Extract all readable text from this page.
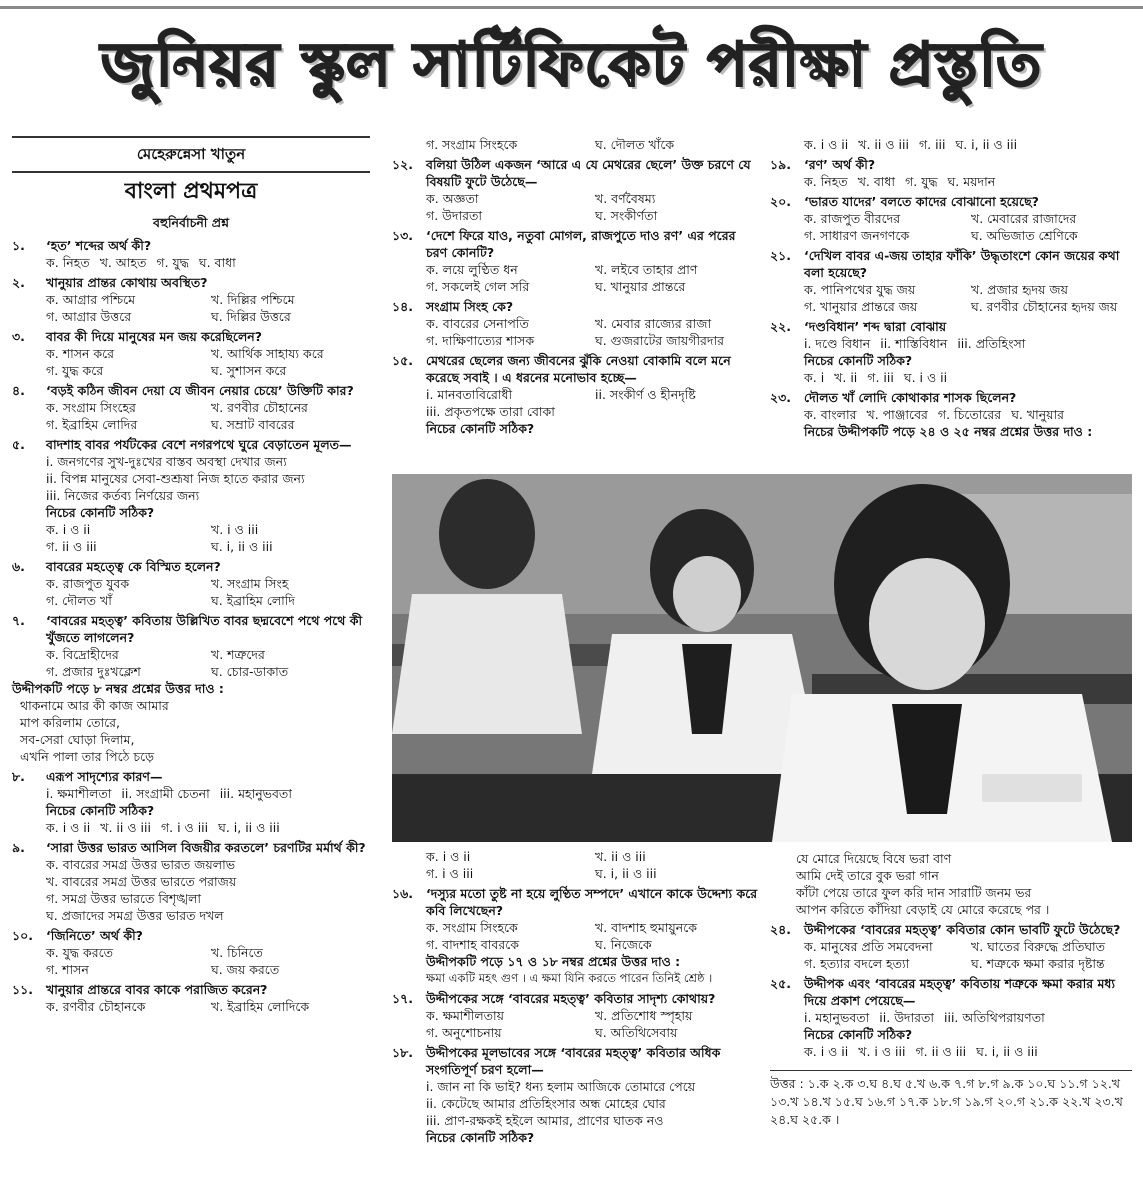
জুনিয়র স্কুল সার্টিফিকেট পরীক্ষা প্রস্তুতি
মেহেরুন্নেসা খাতুন
বাংলা প্রথমপত্র
বহুনির্বাচনী প্রশ্ন
১.	‘হত’ শব্দের অর্থ কী?
ক. নিহত খ. আহত গ. যুদ্ধ ঘ. বাধা
২.	খানুয়ার প্রান্তর কোথায় অবস্থিত?
ক. আগ্রার পশ্চিমে	খ. দিল্লির পশ্চিমে
গ. আগ্রার উত্তরে	ঘ. দিল্লির উত্তরে
৩.	বাবর কী দিয়ে মানুষের মন জয় করেছিলেন?
ক. শাসন করে	খ. আর্থিক সাহায্য করে
গ. যুদ্ধ করে	ঘ. সুশাসন করে
৪.	‘বড়ই কঠিন জীবন দেয়া যে জীবন নেয়ার চেয়ে’ উক্তিটি কার?
ক. সংগ্রাম সিংহের	খ. রণবীর চৌহানের
গ. ইব্রাহিম লোদির	ঘ. সম্রাট বাবরের
৫.	বাদশাহ বাবর পর্যটকের বেশে নগরপথে ঘুরে বেড়াতেন মূলত—
i. জনগণের সুখ-দুঃখের বাস্তব অবস্থা দেখার জন্য
ii. বিপন্ন মানুষের সেবা-শুশ্রূষা নিজ হাতে করার জন্য
iii. নিজের কর্তব্য নির্ণয়ের জন্য
নিচের কোনটি সঠিক?
ক. i ও ii	খ. i ও iii
গ. ii ও iii	ঘ. i, ii ও iii
৬.	বাবরের মহত্ত্বে কে বিস্মিত হলেন?
ক. রাজপুত যুবক	খ. সংগ্রাম সিংহ
গ. দৌলত খাঁ	ঘ. ইব্রাহিম লোদি
৭.	‘বাবরের মহত্ত্ব’ কবিতায় উল্লিখিত বাবর ছদ্মবেশে পথে পথে কী খুঁজতে লাগলেন?
ক. বিদ্রোহীদের	খ. শত্রুদের
গ. প্রজার দুঃখক্লেশ	ঘ. চোর-ডাকাত
উদ্দীপকটি পড়ে ৮ নম্বর প্রশ্নের উত্তর দাও :
থাকনামে আর কী কাজ আমার
মাপ করিলাম তোরে,
সব-সেরা ঘোড়া দিলাম,
এখনি পালা তার পিঠে চড়ে
৮.	এরূপ সাদৃশ্যের কারণ—
i. ক্ষমাশীলতা ii. সংগ্রামী চেতনা iii. মহানুভবতা
নিচের কোনটি সঠিক?
ক. i ও ii খ. ii ও iii গ. i ও iii ঘ. i, ii ও iii
৯.	‘সারা উত্তর ভারত আসিল বিজয়ীর করতলে’ চরণটির মর্মার্থ কী?
ক. বাবরের সমগ্র উত্তর ভারত জয়লাভ
খ. বাবরের সমগ্র উত্তর ভারতে পরাজয়
গ. সমগ্র উত্তর ভারতে বিশৃঙ্খলা
ঘ. প্রজাদের সমগ্র উত্তর ভারত দখল
১০.	‘জিনিতে’ অর্থ কী?
ক. যুদ্ধ করতে	খ. চিনিতে
গ. শাসন	ঘ. জয় করতে
১১.	খানুয়ার প্রান্তরে বাবর কাকে পরাজিত করেন?
ক. রণবীর চৌহানকে	খ. ইব্রাহিম লোদিকে
গ. সংগ্রাম সিংহকে	ঘ. দৌলত খাঁকে
১২.	বলিয়া উঠিল একজন ‘আরে এ যে মেথরের ছেলে’ উক্ত চরণে যে বিষয়টি ফুটে উঠেছে—
ক. অজ্ঞতা	খ. বর্ণবৈষম্য
গ. উদারতা	ঘ. সংকীর্ণতা
১৩.	‘দেশে ফিরে যাও, নতুবা মোগল, রাজপুতে দাও রণ’ এর পরের চরণ কোনটি?
ক. লয়ে লুণ্ঠিত ধন	খ. লইবে তাহার প্রাণ
গ. সকলেই গেল সরি	ঘ. খানুয়ার প্রান্তরে
১৪.	সংগ্রাম সিংহ কে?
ক. বাবরের সেনাপতি	খ. মেবার রাজ্যের রাজা
গ. দাক্ষিণাত্যের শাসক	ঘ. গুজরাটের জায়গীরদার
১৫.	মেথরের ছেলের জন্য জীবনের ঝুঁকি নেওয়া বোকামি বলে মনে করেছে সবাই । এ ধরনের মনোভাব হচ্ছে—
i. মানবতাবিরোধী	ii. সংকীর্ণ ও হীনদৃষ্টি
iii. প্রকৃতপক্ষে তারা বোকা
নিচের কোনটি সঠিক?
ক. i ও ii খ. ii ও iii গ. iii ঘ. i, ii ও iii
১৯.	‘রণ’ অর্থ কী?
ক. নিহত খ. বাধা গ. যুদ্ধ ঘ. ময়দান
২০.	‘ভারত যাদের’ বলতে কাদের বোঝানো হয়েছে?
ক. রাজপুত বীরদের	খ. মেবারের রাজাদের
গ. সাধারণ জনগণকে	ঘ. অভিজাত শ্রেণিকে
২১.	‘দেখিল বাবর এ-জয় তাহার ফাঁকি’ উদ্ধৃতাংশে কোন জয়ের কথা বলা হয়েছে?
ক. পানিপথের যুদ্ধ জয়	খ. প্রজার হৃদয় জয়
গ. খানুয়ার প্রান্তরে জয়	ঘ. রণবীর চৌহানের হৃদয় জয়
২২.	‘দণ্ডবিধান’ শব্দ দ্বারা বোঝায়
i. দণ্ডে বিধান ii. শাস্তিবিধান iii. প্রতিহিংসা
নিচের কোনটি সঠিক?
ক. i খ. ii গ. iii ঘ. i ও ii
২৩.	দৌলত খাঁ লোদি কোথাকার শাসক ছিলেন?
ক. বাংলার খ. পাঞ্জাবের গ. চিতোরের ঘ. খানুয়ার
নিচের উদ্দীপকটি পড়ে ২৪ ও ২৫ নম্বর প্রশ্নের উত্তর দাও :
ক. i ও ii	খ. ii ও iii
গ. i ও iii	ঘ. i, ii ও iii
১৬.	‘দস্যুর মতো তুষ্ট না হয়ে লুণ্ঠিত সম্পদে’ এখানে কাকে উদ্দেশ্য করে কবি লিখেছেন?
ক. সংগ্রাম সিংহকে	খ. বাদশাহ হুমায়ুনকে
গ. বাদশাহ বাবরকে	ঘ. নিজেকে
উদ্দীপকটি পড়ে ১৭ ও ১৮ নম্বর প্রশ্নের উত্তর দাও :
ক্ষমা একটি মহৎ গুণ । এ ক্ষমা যিনি করতে পারেন তিনিই শ্রেষ্ঠ ।
১৭.	উদ্দীপকের সঙ্গে ‘বাবরের মহত্ত্ব’ কবিতার সাদৃশ্য কোথায়?
ক. ক্ষমাশীলতায়	খ. প্রতিশোধ স্পৃহায়
গ. অনুশোচনায়	ঘ. অতিথিসেবায়
১৮.	উদ্দীপকের মূলভাবের সঙ্গে ‘বাবরের মহত্ত্ব’ কবিতার অধিক সংগতিপূর্ণ চরণ হলো—
i. জান না কি ভাই? ধন্য হলাম আজিকে তোমারে পেয়ে
ii. কেটেছে আমার প্রতিহিংসার অন্ধ মোহের ঘোর
iii. প্রাণ-রক্ষকই হইলে আমার, প্রাণের ঘাতক নও
নিচের কোনটি সঠিক?
যে মোরে দিয়েছে বিষে ভরা বাণ
আমি দেই তারে বুক ভরা গান
কাঁটা পেয়ে তারে ফুল করি দান সারাটি জনম ভর
আপন করিতে কাঁদিয়া বেড়াই যে মোরে করেছে পর ।
২৪.	উদ্দীপকের ‘বাবরের মহত্ত্ব’ কবিতার কোন ভাবটি ফুটে উঠেছে?
ক. মানুষের প্রতি সমবেদনা	খ. ঘাতের বিরুদ্ধে প্রতিঘাত
গ. হত্যার বদলে হত্যা	ঘ. শত্রুকে ক্ষমা করার দৃষ্টান্ত
২৫.	উদ্দীপক এবং ‘বাবরের মহত্ত্ব’ কবিতায় শত্রুকে ক্ষমা করার মধ্য দিয়ে প্রকাশ পেয়েছে—
i. মহানুভবতা ii. উদারতা iii. অতিথিপরায়ণতা
নিচের কোনটি সঠিক?
ক. i ও ii খ. i ও iii গ. ii ও iii ঘ. i, ii ও iii
উত্তর : ১.ক ২.ক ৩.ঘ ৪.ঘ ৫.খ ৬.ক ৭.গ ৮.গ ৯.ক ১০.ঘ ১১.গ ১২.খ ১৩.খ ১৪.খ ১৫.ঘ ১৬.গ ১৭.ক ১৮.গ ১৯.গ ২০.গ ২১.ক ২২.খ ২৩.খ ২৪.ঘ ২৫.ক ।
